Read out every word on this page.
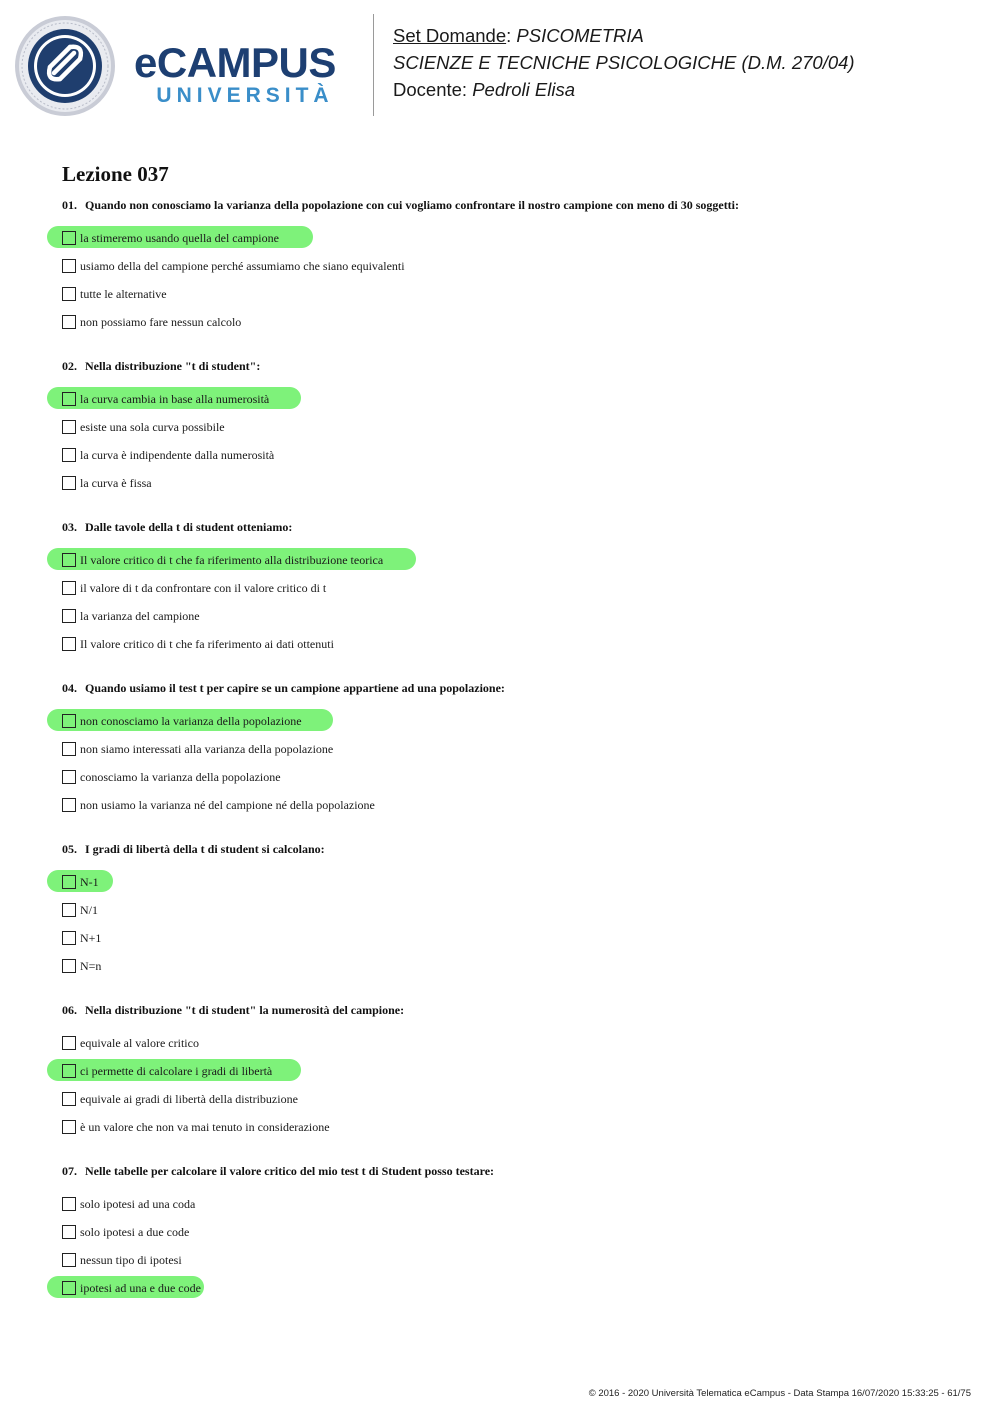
eCAMPUS
UNIVERSITÀ
Set Domande: PSICOMETRIA
SCIENZE E TECNICHE PSICOLOGICHE (D.M. 270/04)
Docente: Pedroli Elisa
Lezione 037
01. Quando non conosciamo la varianza della popolazione con cui vogliamo confrontare il nostro campione con meno di 30 soggetti:
la stimeremo usando quella del campione
usiamo della del campione perché assumiamo che siano equivalenti
tutte le alternative
non possiamo fare nessun calcolo
02. Nella distribuzione "t di student":
la curva cambia in base alla numerosità
esiste una sola curva possibile
la curva è indipendente dalla numerosità
la curva è fissa
03. Dalle tavole della t di student otteniamo:
Il valore critico di t che fa riferimento alla distribuzione teorica
il valore di t da confrontare con il valore critico di t
la varianza del campione
Il valore critico di t che fa riferimento ai dati ottenuti
04. Quando usiamo il test t per capire se un campione appartiene ad una popolazione:
non conosciamo la varianza della popolazione
non siamo interessati alla varianza della popolazione
conosciamo la varianza della popolazione
non usiamo la varianza né del campione né della popolazione
05. I gradi di libertà della t di student si calcolano:
N-1
N/1
N+1
N=n
06. Nella distribuzione "t di student" la numerosità del campione:
equivale al valore critico
ci permette di calcolare i gradi di libertà
equivale ai gradi di libertà della distribuzione
è un valore che non va mai tenuto in considerazione
07. Nelle tabelle per calcolare il valore critico del mio test t di Student posso testare:
solo ipotesi ad una coda
solo ipotesi a due code
nessun tipo di ipotesi
ipotesi ad una e due code
© 2016 - 2020 Università Telematica eCampus - Data Stampa 16/07/2020 15:33:25 - 61/75
